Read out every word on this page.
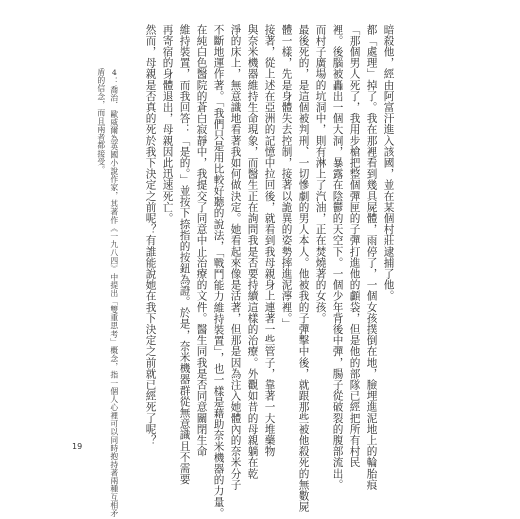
暗殺他，經由阿富汗進入該國，並在某個村莊逮捕了他。
都「處理」掉了。我在那裡看到幾具屍體，雨停了，一個女孩撲倒在地，臉埋進泥地上的輪胎痕
「那個男人死了，我用步槍把整個彈匣的子彈打進他的顱袋，但是他的部隊已經把所有村民
裡。後腦被轟出一個大洞，暴露在陰鬱的天空下。一個少年背後中彈，腸子從破裂的腹部流出。
而村子廣場的坑洞中，則有淋上了汽油，正在焚燒著的女孩。
最後死的，是這個被判刑、一切慘劇的男人本人。他被我的子彈擊中後，就跟那些被他殺死的無數屍
體一樣，先是身體失去控制，接著以詭異的姿勢摔進泥濘裡。」
接著，從上述在亞洲的記憶中拉回後，就看到我母親身上連著一些管子，靠著一大堆藥物
與奈米機器維持生命現象，而醫生正在詢問我是否要持續這樣的治療。外觀如昔的母親躺在乾
淨的床上，無意識地看著我如何做決定。她看起來像是活著，但那是因為注入她體內的奈米分子
不斷地運作著。「我們只是用比較好聽的說法，「戰鬥能力維持裝置」，也一樣是藉助奈米機器的力量。
在純白色醫院的蒼白寂靜中，我提交了同意中止治療的文件。醫生同我是否同意關閉生命
維持裝置，而我回答：「是的。」並按下捺指的按鈕為證。於是，奈米機器群從無意識且不需要
再寄宿的身體退出，母親因此迅速死亡。
然而，母親是否真的死於我下決定之前呢？有誰能說她在我下決定之前就已經死了呢？
4：喬治．歐威爾為英國小說作家，其著作《一九八四》中提出「雙重思考」概念，指一個人心裡可以同時抱持著兩種互相矛
盾的信念，而且兩者都接受。
19
